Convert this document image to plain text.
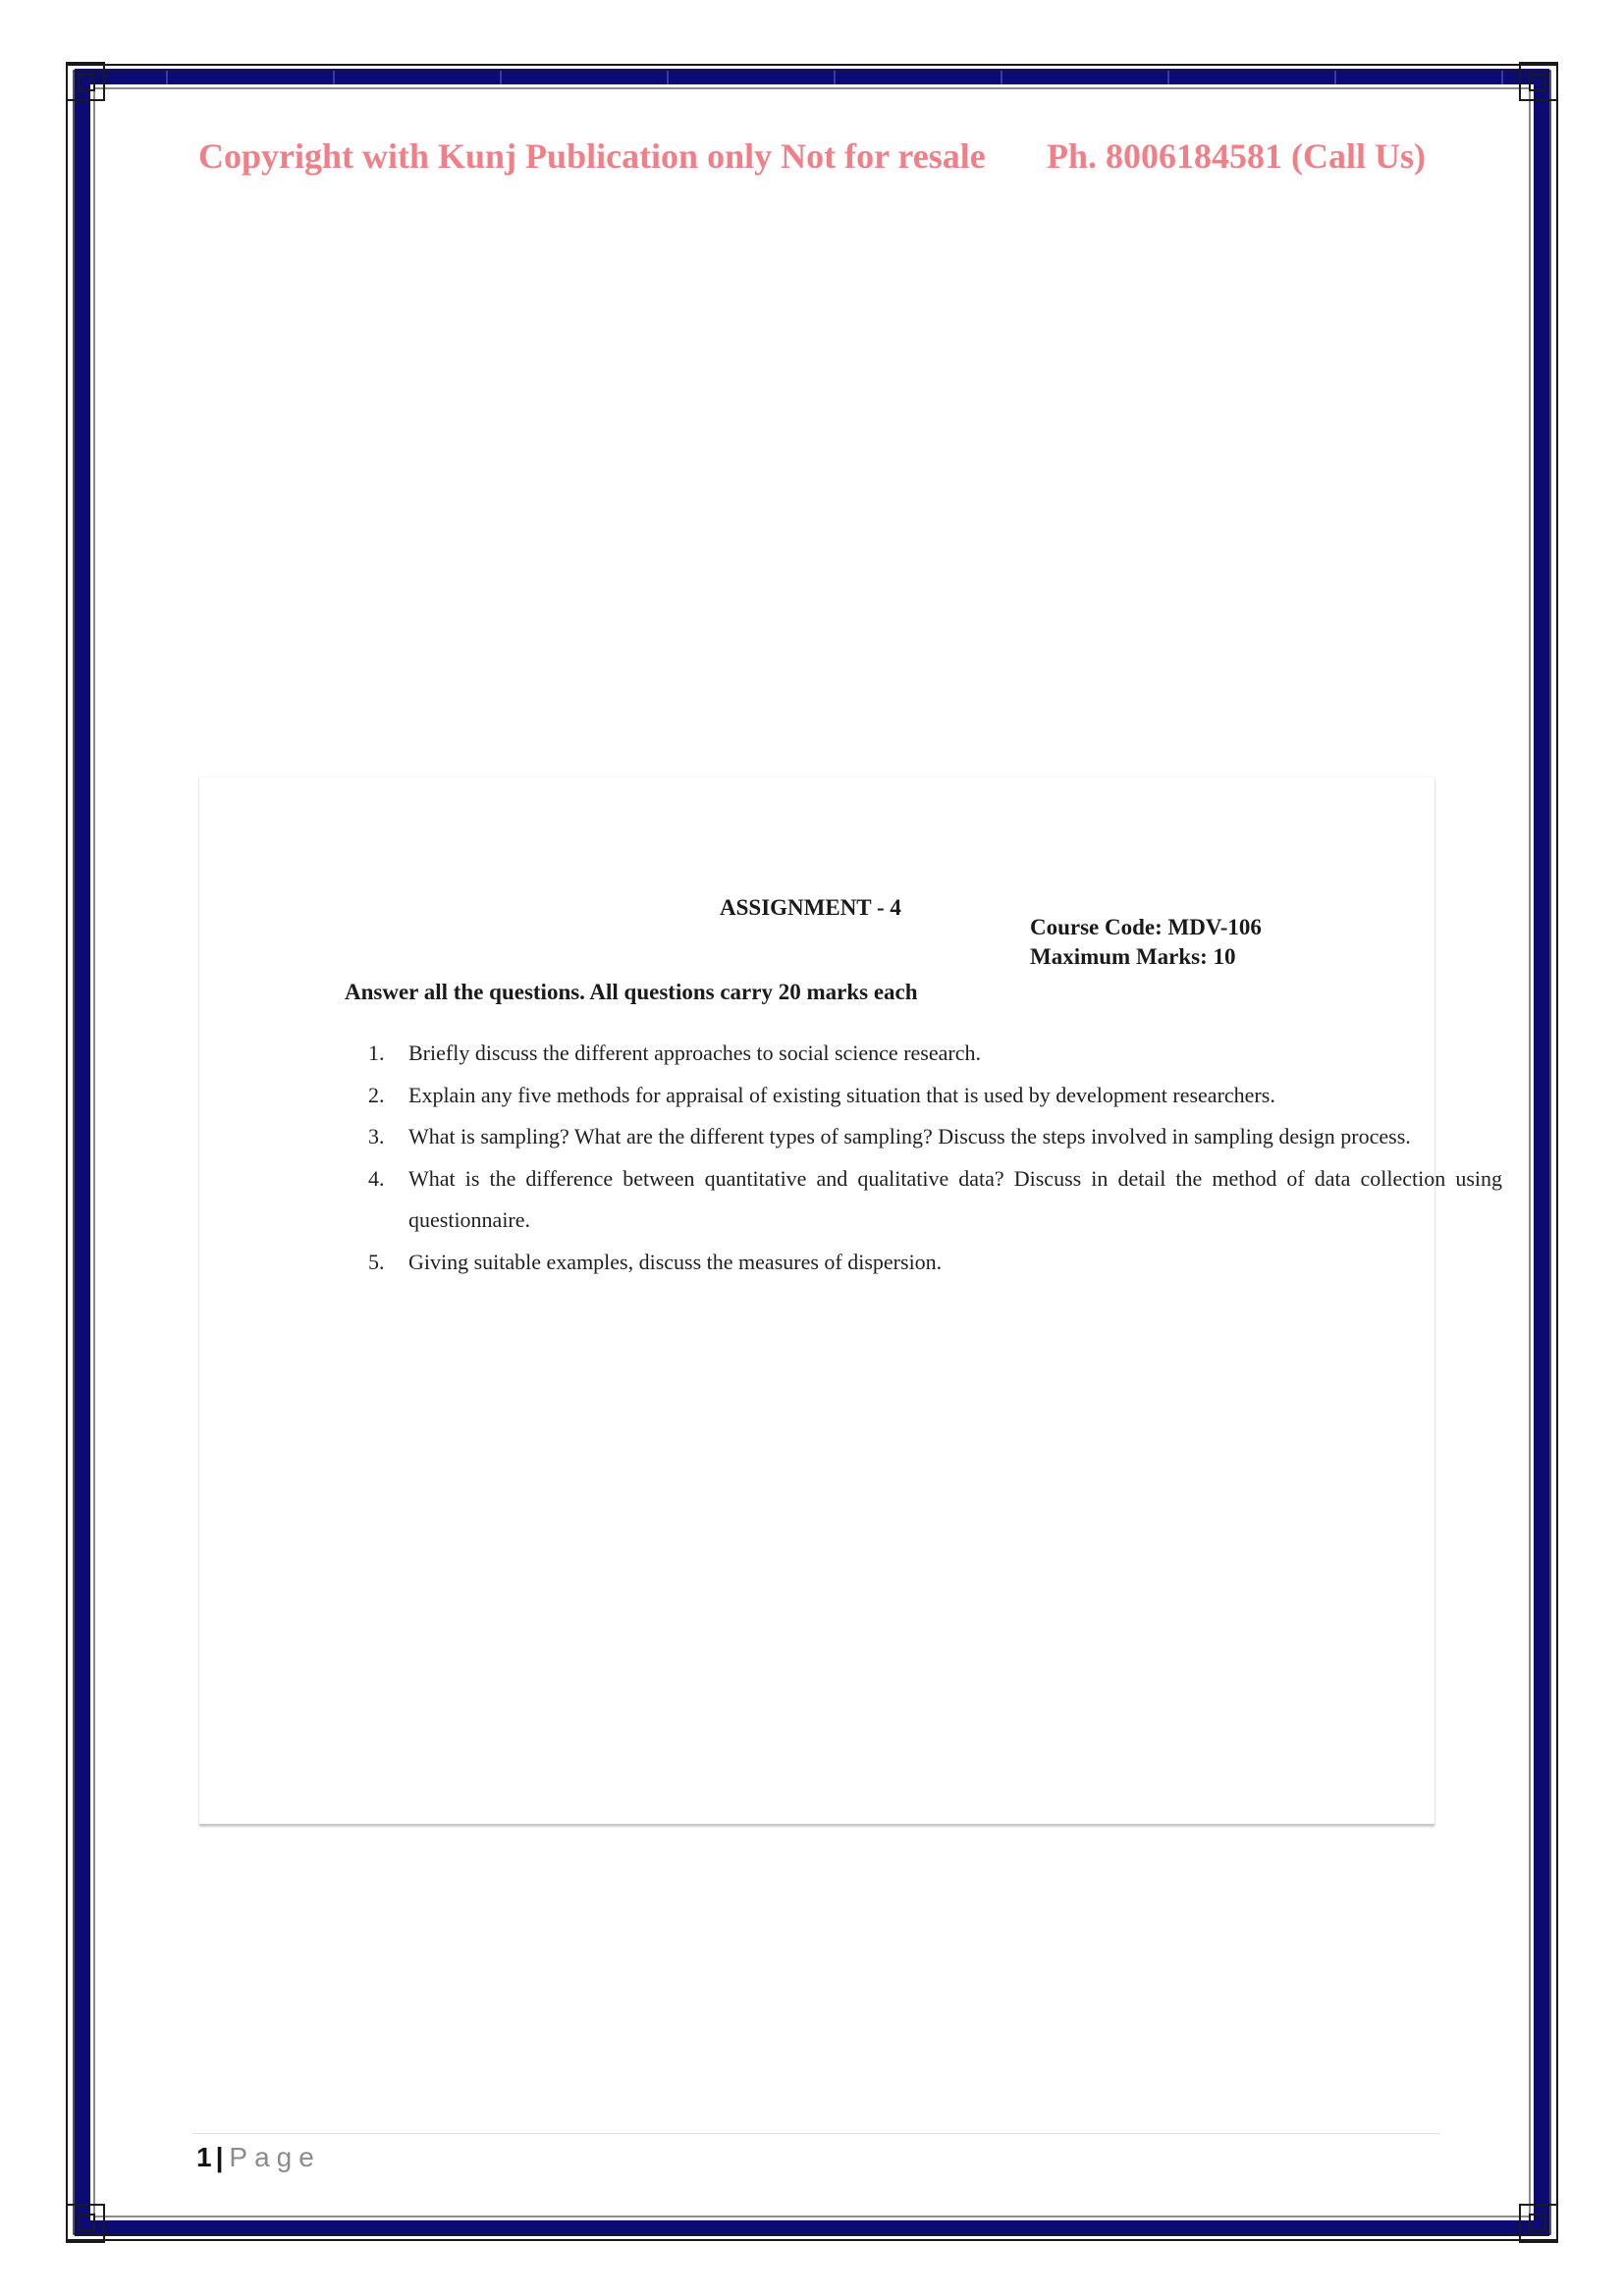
Copyright with Kunj Publication only Not for resale Ph. 8006184581 (Call Us)
ASSIGNMENT - 4
Course Code: MDV-106
Maximum Marks: 10
Answer all the questions. All questions carry 20 marks each
1. Briefly discuss the different approaches to social science research.
2. Explain any five methods for appraisal of existing situation that is used by development researchers.
3. What is sampling? What are the different types of sampling? Discuss the steps involved in sampling design process.
4. What is the difference between quantitative and qualitative data? Discuss in detail the method of data collection using questionnaire.
5. Giving suitable examples, discuss the measures of dispersion.
1 | Page
